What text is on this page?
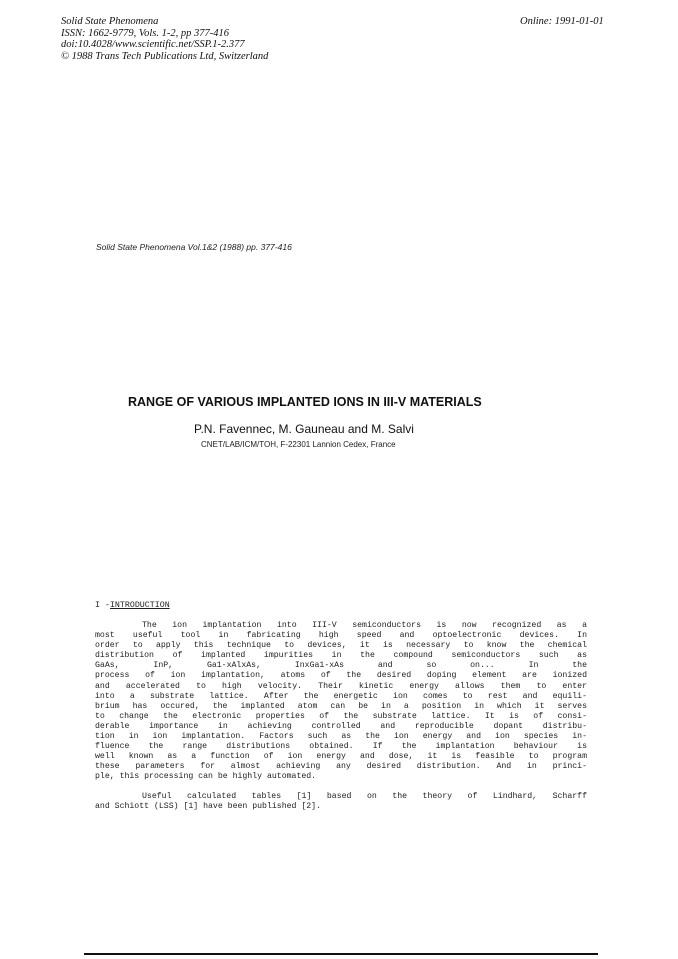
Solid State Phenomena
ISSN: 1662-9779, Vols. 1-2, pp 377-416
doi:10.4028/www.scientific.net/SSP.1-2.377
© 1988 Trans Tech Publications Ltd, Switzerland
Online: 1991-01-01
Solid State Phenomena Vol.1&2 (1988) pp. 377-416
RANGE OF VARIOUS IMPLANTED IONS IN III-V MATERIALS
P.N. Favennec, M. Gauneau and M. Salvi
CNET/LAB/ICM/TOH, F-22301 Lannion Cedex, France
I -INTRODUCTION
The ion implantation into III-V semiconductors is now recognized as a
most useful tool in fabricating high speed and optoelectronic devices. In
order to apply this technique to devices, it is necessary to know the chemical
distribution of implanted impurities in the compound semiconductors such as
GaAs, InP, Ga1-xAlxAs, InxGa1-xAs and so on... In the
process of ion implantation, atoms of the desired doping element are ionized
and accelerated to high velocity. Their kinetic energy allows them to enter
into a substrate lattice. After the energetic ion comes to rest and equili-
brium has occured, the implanted atom can be in a position in which it serves
to change the electronic properties of the substrate lattice. It is of consi-
derable importance in achieving controlled and reproducible dopant distribu-
tion in ion implantation. Factors such as the ion energy and ion species in-
fluence the range distributions obtained. If the implantation behaviour is
well known as a function of ion energy and dose, it is feasible to program
these parameters for almost achieving any desired distribution. And in princi-
ple, this processing can be highly automated.
Useful calculated tables [1] based on the theory of Lindhard, Scharff
and Schiott (LSS) [1] have been published [2].
